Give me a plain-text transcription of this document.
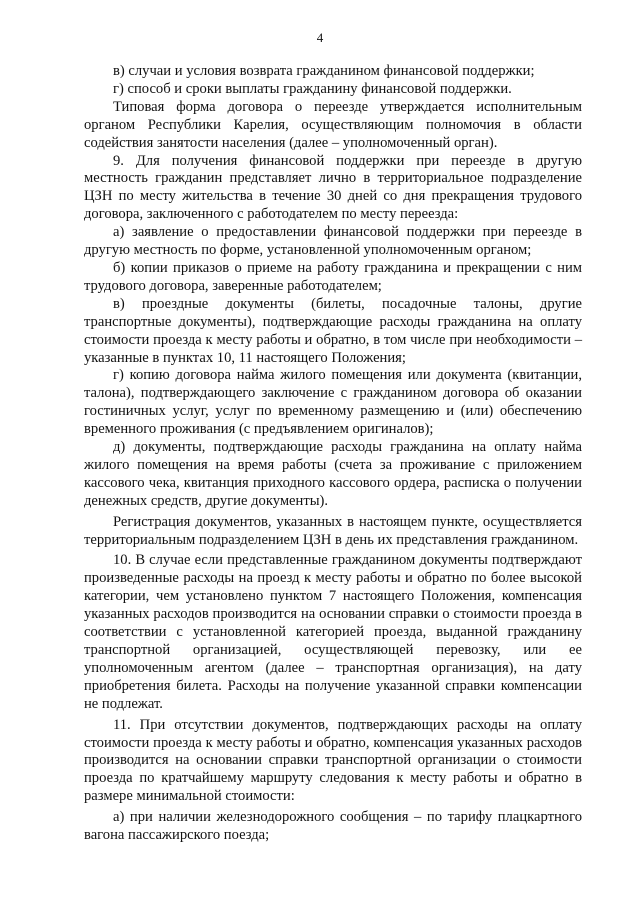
4

в) случаи и условия возврата гражданином финансовой поддержки;

г) способ и сроки выплаты гражданину финансовой поддержки.

Типовая форма договора о переезде утверждается исполнительным органом Республики Карелия, осуществляющим полномочия в области содействия занятости населения (далее – уполномоченный орган).

9. Для получения финансовой поддержки при переезде в другую местность гражданин представляет лично в территориальное подразделение ЦЗН по месту жительства в течение 30 дней со дня прекращения трудового договора, заключенного с работодателем по месту переезда:

а) заявление о предоставлении финансовой поддержки при переезде в другую местность по форме, установленной уполномоченным органом;

б) копии приказов о приеме на работу гражданина и прекращении с ним трудового договора, заверенные работодателем;

в) проездные документы (билеты, посадочные талоны, другие транспортные документы), подтверждающие расходы гражданина на оплату стоимости проезда к месту работы и обратно, в том числе при необходимости – указанные в пунктах 10, 11 настоящего Положения;

г) копию договора найма жилого помещения или документа (квитанции, талона), подтверждающего заключение с гражданином договора об оказании гостиничных услуг, услуг по временному размещению и (или) обеспечению временного проживания (с предъявлением оригиналов);

д) документы, подтверждающие расходы гражданина на оплату найма жилого помещения на время работы (счета за проживание с приложением кассового чека, квитанция приходного кассового ордера, расписка о получении денежных средств, другие документы).

Регистрация документов, указанных в настоящем пункте, осуществляется территориальным подразделением ЦЗН в день их представления гражданином.

10. В случае если представленные гражданином документы подтверждают произведенные расходы на проезд к месту работы и обратно по более высокой категории, чем установлено пунктом 7 настоящего Положения, компенсация указанных расходов производится на основании справки о стоимости проезда в соответствии с установленной категорией проезда, выданной гражданину транспортной организацией, осуществляющей перевозку, или ее уполномоченным агентом (далее – транспортная организация), на дату приобретения билета. Расходы на получение указанной справки компенсации не подлежат.

11. При отсутствии документов, подтверждающих расходы на оплату стоимости проезда к месту работы и обратно, компенсация указанных расходов производится на основании справки транспортной организации о стоимости проезда по кратчайшему маршруту следования к месту работы и обратно в размере минимальной стоимости:

а) при наличии железнодорожного сообщения – по тарифу плацкартного вагона пассажирского поезда;
